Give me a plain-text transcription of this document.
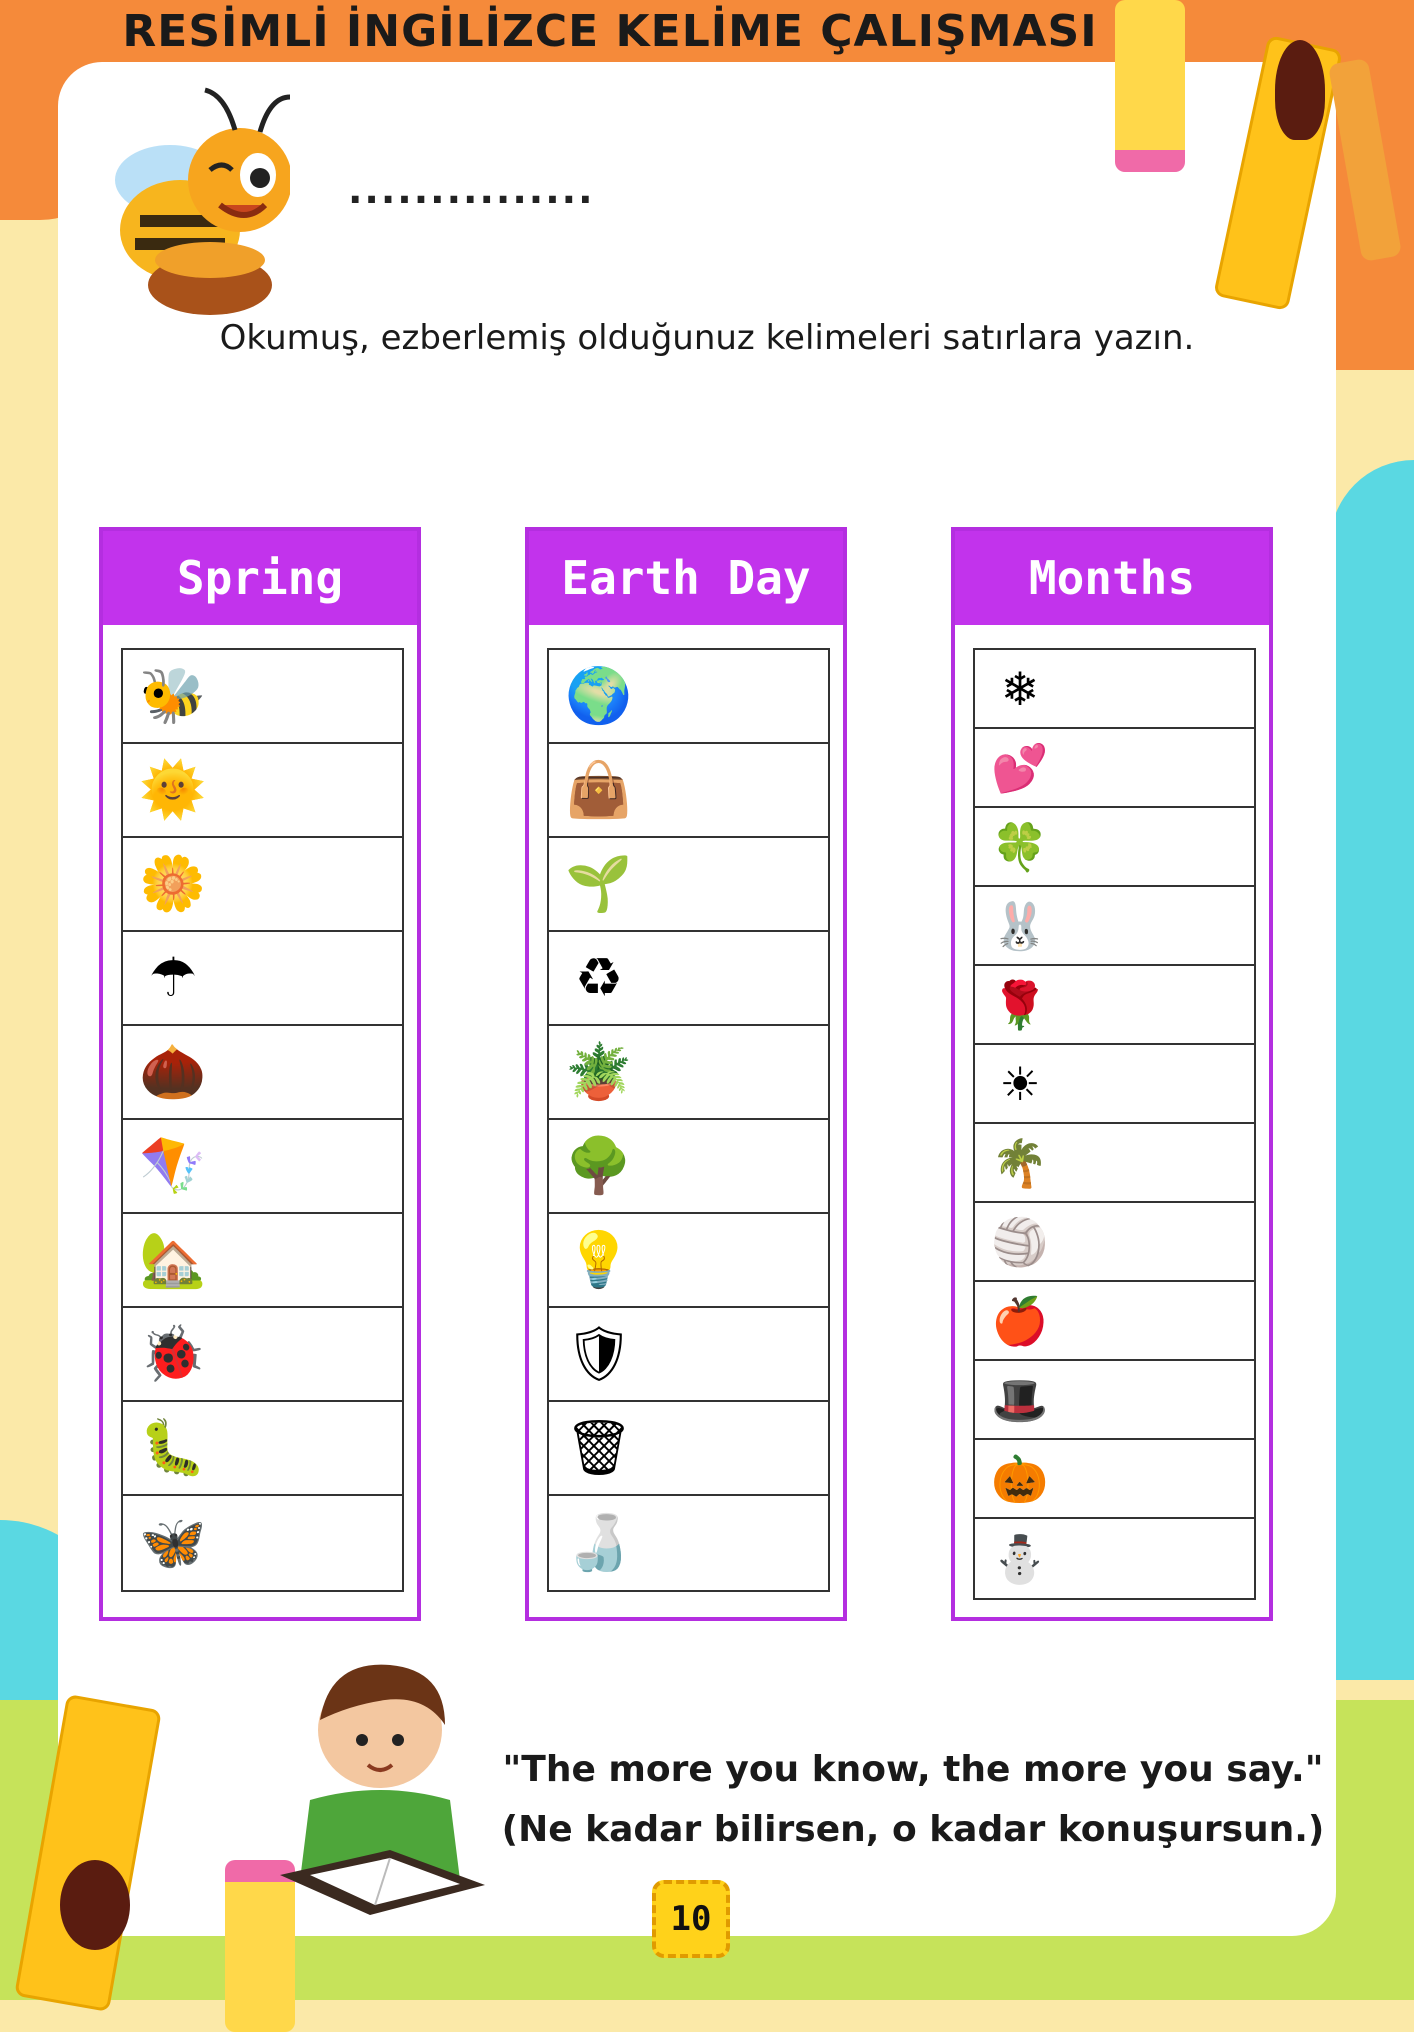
RESİMLİ İNGİLİZCE KELİME ÇALIŞMASI
...............
Okumuş, ezberlemiş olduğunuz kelimeleri satırlara yazın.
Spring
🐝
🌞
🌼
☂
🌰
🪁
🏡
🐞
🐛
🦋
Earth Day
🌍
👜
🌱
♻
🪴
🌳
💡
🛡
🗑
🍶
Months
❄
💕
🍀
🐰
🌹
☀
🌴
🏐
🍎
🎩
🎃
⛄
"The more you know, the more you say."
(Ne kadar bilirsen, o kadar konuşursun.)
10
